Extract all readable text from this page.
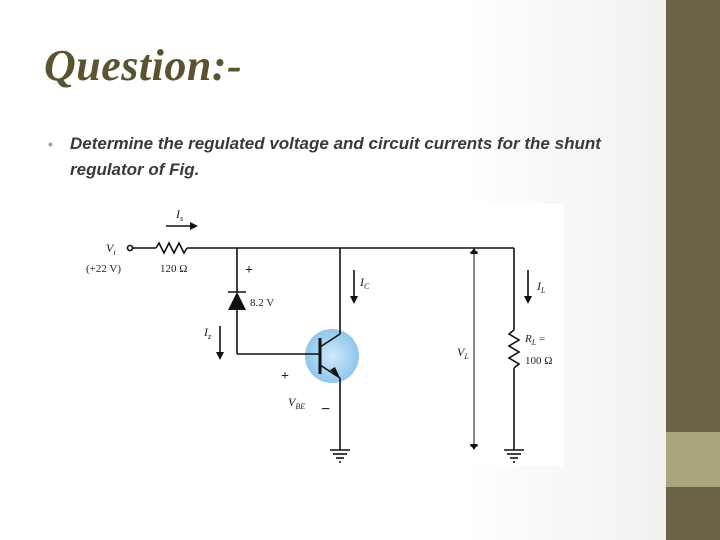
Question:-
• Determine the regulated voltage and circuit currents for the shunt regulator of Fig.
$I_s$
$V_i$
(+22 V)	120 Ω	+
8.2 V
$I_z$
$I_C$	$I_L$
$V_L$
$R_L$ =
100 Ω
+
$V_{BE}$ −
